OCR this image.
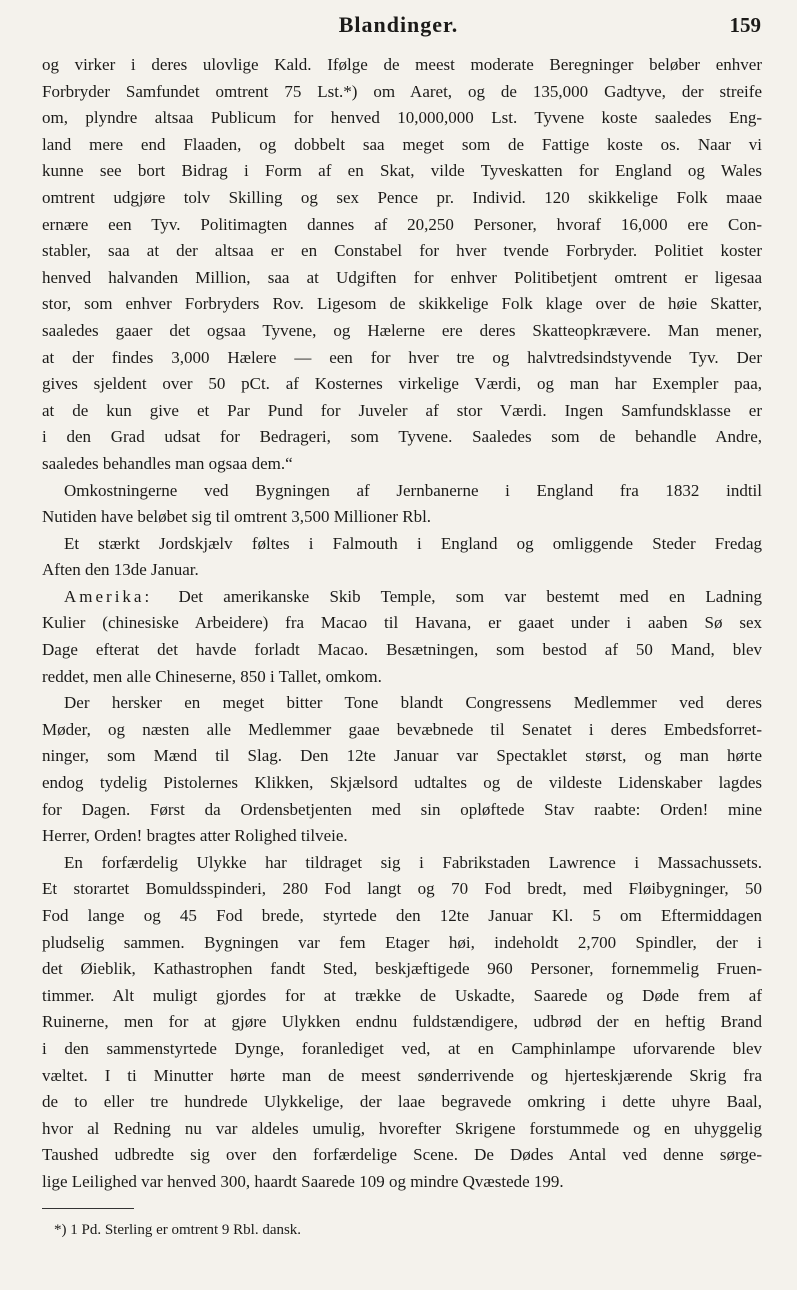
Blandinger.	159
og virker i deres ulovlige Kald. Ifølge de meest moderate Beregninger beløber enhver
Forbryder Samfundet omtrent 75 Lst.*) om Aaret, og de 135,000 Gadtyve, der streife
om, plyndre altsaa Publicum for henved 10,000,000 Lst. Tyvene koste saaledes Eng-
land mere end Flaaden, og dobbelt saa meget som de Fattige koste os. Naar vi
kunne see bort Bidrag i Form af en Skat, vilde Tyveskatten for England og Wales
omtrent udgjøre tolv Skilling og sex Pence pr. Individ. 120 skikkelige Folk maae
ernære een Tyv. Politimagten dannes af 20,250 Personer, hvoraf 16,000 ere Con-
stabler, saa at der altsaa er en Constabel for hver tvende Forbryder. Politiet koster
henved halvanden Million, saa at Udgiften for enhver Politibetjent omtrent er ligesaa
stor, som enhver Forbryders Rov. Ligesom de skikkelige Folk klage over de høie Skatter,
saaledes gaaer det ogsaa Tyvene, og Hælerne ere deres Skatteopkrævere. Man mener,
at der findes 3,000 Hælere — een for hver tre og halvtredsindstyvende Tyv. Der
gives sjeldent over 50 pCt. af Kosternes virkelige Værdi, og man har Exempler paa,
at de kun give et Par Pund for Juveler af stor Værdi. Ingen Samfundsklasse er
i den Grad udsat for Bedrageri, som Tyvene. Saaledes som de behandle Andre,
saaledes behandles man ogsaa dem.“
Omkostningerne ved Bygningen af Jernbanerne i England fra 1832 indtil
Nutiden have beløbet sig til omtrent 3,500 Millioner Rbl.
Et stærkt Jordskjælv føltes i Falmouth i England og omliggende Steder Fredag
Aften den 13de Januar.
Amerika: Det amerikanske Skib Temple, som var bestemt med en Ladning
Kulier (chinesiske Arbeidere) fra Macao til Havana, er gaaet under i aaben Sø sex
Dage efterat det havde forladt Macao. Besætningen, som bestod af 50 Mand, blev
reddet, men alle Chineserne, 850 i Tallet, omkom.
Der hersker en meget bitter Tone blandt Congressens Medlemmer ved deres
Møder, og næsten alle Medlemmer gaae bevæbnede til Senatet i deres Embedsforret-
ninger, som Mænd til Slag. Den 12te Januar var Spectaklet størst, og man hørte
endog tydelig Pistolernes Klikken, Skjælsord udtaltes og de vildeste Lidenskaber lagdes
for Dagen. Først da Ordensbetjenten med sin opløftede Stav raabte: Orden! mine
Herrer, Orden! bragtes atter Rolighed tilveie.
En forfærdelig Ulykke har tildraget sig i Fabrikstaden Lawrence i Massachussets.
Et storartet Bomuldsspinderi, 280 Fod langt og 70 Fod bredt, med Fløibygninger, 50
Fod lange og 45 Fod brede, styrtede den 12te Januar Kl. 5 om Eftermiddagen
pludselig sammen. Bygningen var fem Etager høi, indeholdt 2,700 Spindler, der i
det Øieblik, Kathastrophen fandt Sted, beskjæftigede 960 Personer, fornemmelig Fruen-
timmer. Alt muligt gjordes for at trække de Uskadte, Saarede og Døde frem af
Ruinerne, men for at gjøre Ulykken endnu fuldstændigere, udbrød der en heftig Brand
i den sammenstyrtede Dynge, foranlediget ved, at en Camphinlampe uforvarende blev
væltet. I ti Minutter hørte man de meest sønderrivende og hjerteskjærende Skrig fra
de to eller tre hundrede Ulykkelige, der laae begravede omkring i dette uhyre Baal,
hvor al Redning nu var aldeles umulig, hvorefter Skrigene forstummede og en uhyggelig
Taushed udbredte sig over den forfærdelige Scene. De Dødes Antal ved denne sørge-
lige Leilighed var henved 300, haardt Saarede 109 og mindre Qvæstede 199.
*) 1 Pd. Sterling er omtrent 9 Rbl. dansk.
